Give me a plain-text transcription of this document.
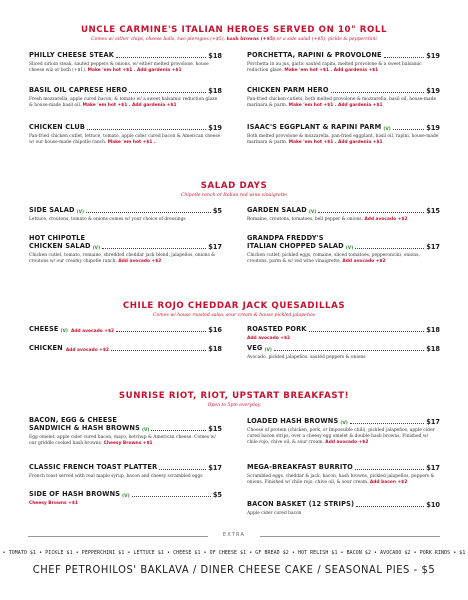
UNCLE CARMINE'S ITALIAN HEROES SERVED ON 10" ROLL
Comes w/ either chips, cheese balls, two pierogies (+$5), hash browns (+$5) or a side salad (+$5), pickle & pepperchini
PHILLY CHEESE STEAK	$18
Sliced sirloin steak, sautéd peppers & onions, w/ either melted provolone, house cheese wiz or both (+$1). Make 'em hot +$1 . Add gardenia +$1
PORCHETTA, RAPINI & PROVOLONE	$19
Porchetta in au jus, garlic sautéd rapini, melted provolone & a sweet balsamic reduction glaze. Make 'em hot +$1 . Add gardenia +$1
BASIL OIL CAPRESE HERO	$18
Fresh mozzarella, apple cured bacon, & tomato w/ a sweet balsamic reduction glaze & house-made basil oil. Make 'em hot +$1 . Add gardenia +$1
CHICKEN PARM HERO	$19
Pan-fried chicken cutlets, both melted provolone & mozzarella, basil oil, house-made marinara & parm. Make 'em hot +$1 . Add gardenia +$1
CHICKEN CLUB	$19
Pan-fried chicken cutlet, lettuce, tomato, apple cider cured bacon & American cheese w/ our house-made chipotle ranch. Make 'em hot +$1 .
ISAAC'S EGGPLANT & RAPINI PARM (V)	$19
Both melted provolone & mozzarella, pan-fried eggplant, basil oil, rapini, house-made marinara & parm. Make 'em hot +$1 . Add gardenia +$1
SALAD DAYS
Chipotle ranch or Italian red wine vinaigrette
SIDE SALAD (V)	$5
Lettuce, croutons, tomato & onions comes w/ your choice of dressings
GARDEN SALAD (V)	$15
Romaine, croutons, tomatoes, bell pepper & onions. Add avocado +$2
HOT CHIPOTLE
CHICKEN SALAD (V)	$17
Chicken cutlet, tomato, romaine, shredded cheddar jack blend, jalapeños, onions & croutons w/ our creamy chipotle ranch. Add avocado +$2
GRANDPA FREDDY'S
ITALIAN CHOPPED SALAD (V)	$17
Chicken cutlet, pickled eggs, romaine, sliced tomatoes, pepperoncini, onions, croutons, parm & w/ red wine vinaigrette. Add avocado +$2
CHILE ROJO CHEDDAR JACK QUESADILLAS
Comes w/ house roasted salsa, sour cream & house pickled jalapeños
CHEESE (V) Add avocado +$2	$16	ROASTED PORK	$18
Add avocado +$2
CHICKEN Add avocado +$2	$18	VEG (V)	$18
Avocado, pickled jalapeños, sautéd peppers & onions
SUNRISE RIOT, RIOT, UPSTART BREAKFAST!
Open to 5pm everyday
BACON, EGG & CHEESE
SANDWICH & HASH BROWNS (V)	$15
Egg omelet, apple cider cured bacon, mayo, ketchup & American cheese. Comes w/ our griddle cooked hash browns. Cheesy Browns +$1
LOADED HASH BROWNS (V)	$17
Choose of protein (chicken, pork, or Impossible chili), pickled jalapeños, apple cider cured bacon strips, over a cheesy egg omelet & double hash browns. Finished w/ chile rojo, chive oil, & sour cream. Add avocado +$2
CLASSIC FRENCH TOAST PLATTER	$17
French toast served with real maple syrup, bacon and cheesy scrambled eggs
MEGA-BREAKFAST BURRITO	$17
Scrambled eggs, cheddar & jack, bacon, hash browns, pickled jalapeños, peppers & onions. Finished w/ chile rojo, chive oil, & sour cream. Add bacon +$2
SIDE OF HASH BROWNS (V)	$5
Cheesy Browns +$1	BACON BASKET (12 STRIPS)	$10
Apple cider cured bacon
EXTRA
• TOMATO $1 • PICKLE $1 • PEPPERCHINI $1 • LETTUCE $1 • CHEESE $1 • OF CHEESE $1 • GF BREAD $2 • HOT RELISH $1 • BACON $2 • AVOCADO $2 • PORK RINDS • $1
CHEF PETROHILOS' BAKLAVA / DINER CHEESE CAKE / SEASONAL PIES - $5
